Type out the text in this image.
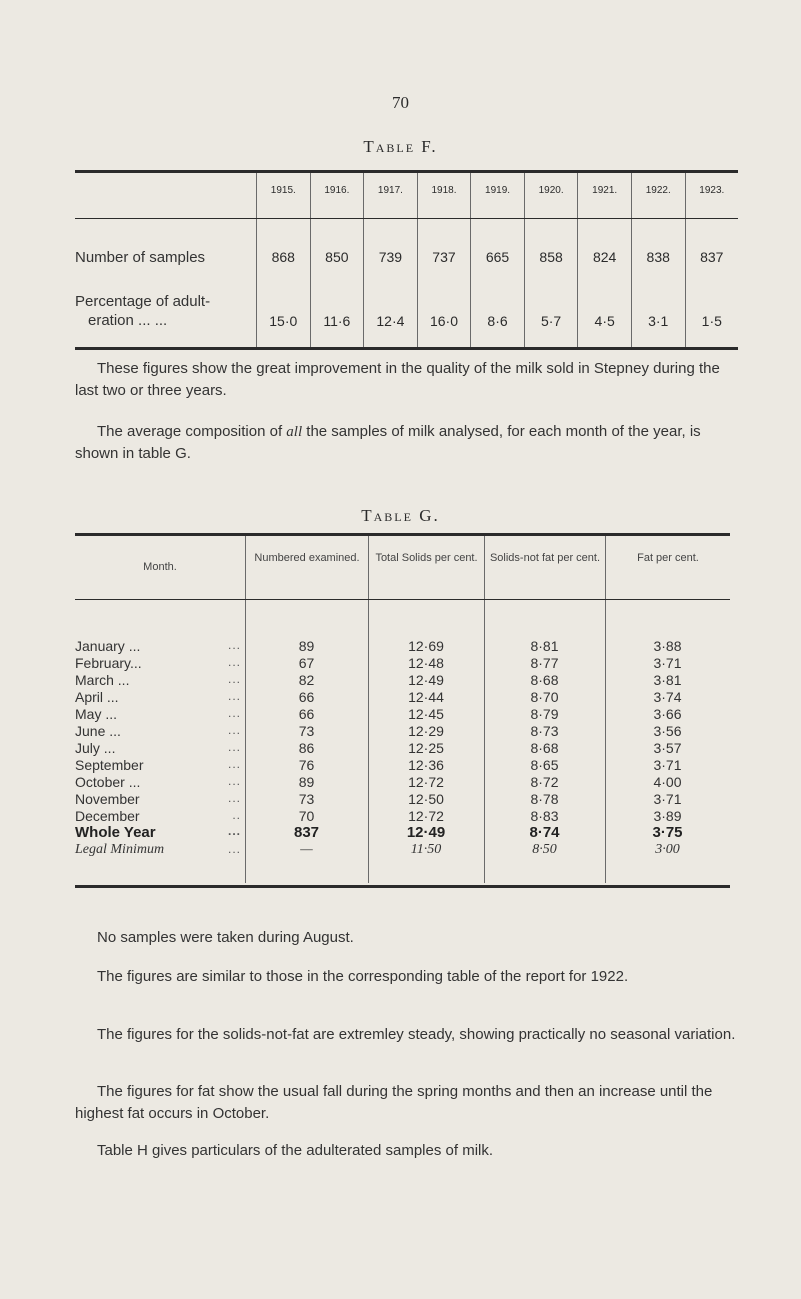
70
Table F.
1915.	1916.	1917.	1918.	1919.	1920.	1921.	1922.	1923.
Number of samples	868	850	739	737	665	858	824	838	837
Percentage of adult-
eration ... ...	15·0	11·6	12·4	16·0	8·6	5·7	4·5	3·1	1·5

These figures show the great improvement in the quality of the milk sold in Stepney during the last two or three years.

The average composition of all the samples of milk analysed, for each month of the year, is shown in table G.

Table G.
Month.
Numbered examined.	Total Solids per cent.	Solids-not fat per cent.	Fat per cent.
January ...	...	89	12·69	8·81	3·88
February...	...	67	12·48	8·77	3·71
March ...	...	82	12·49	8·68	3·81
April ...	...	66	12·44	8·70	3·74
May ...	...	66	12·45	8·79	3·66
June ...	...	73	12·29	8·73	3·56
July ...	...	86	12·25	8·68	3·57
September	...	76	12·36	8·65	3·71
October ...	...	89	12·72	8·72	4·00
November	...	73	12·50	8·78	3·71
December	..	70	12·72	8·83	3·89
Whole Year	...	837	12·49	8·74	3·75
Legal Minimum	...	—	11·50	8·50	3·00

No samples were taken during August.

The figures are similar to those in the corresponding table of the report for 1922.

The figures for the solids-not-fat are extremley steady, showing practically no seasonal variation.

The figures for fat show the usual fall during the spring months and then an increase until the highest fat occurs in October.

Table H gives particulars of the adulterated samples of milk.
